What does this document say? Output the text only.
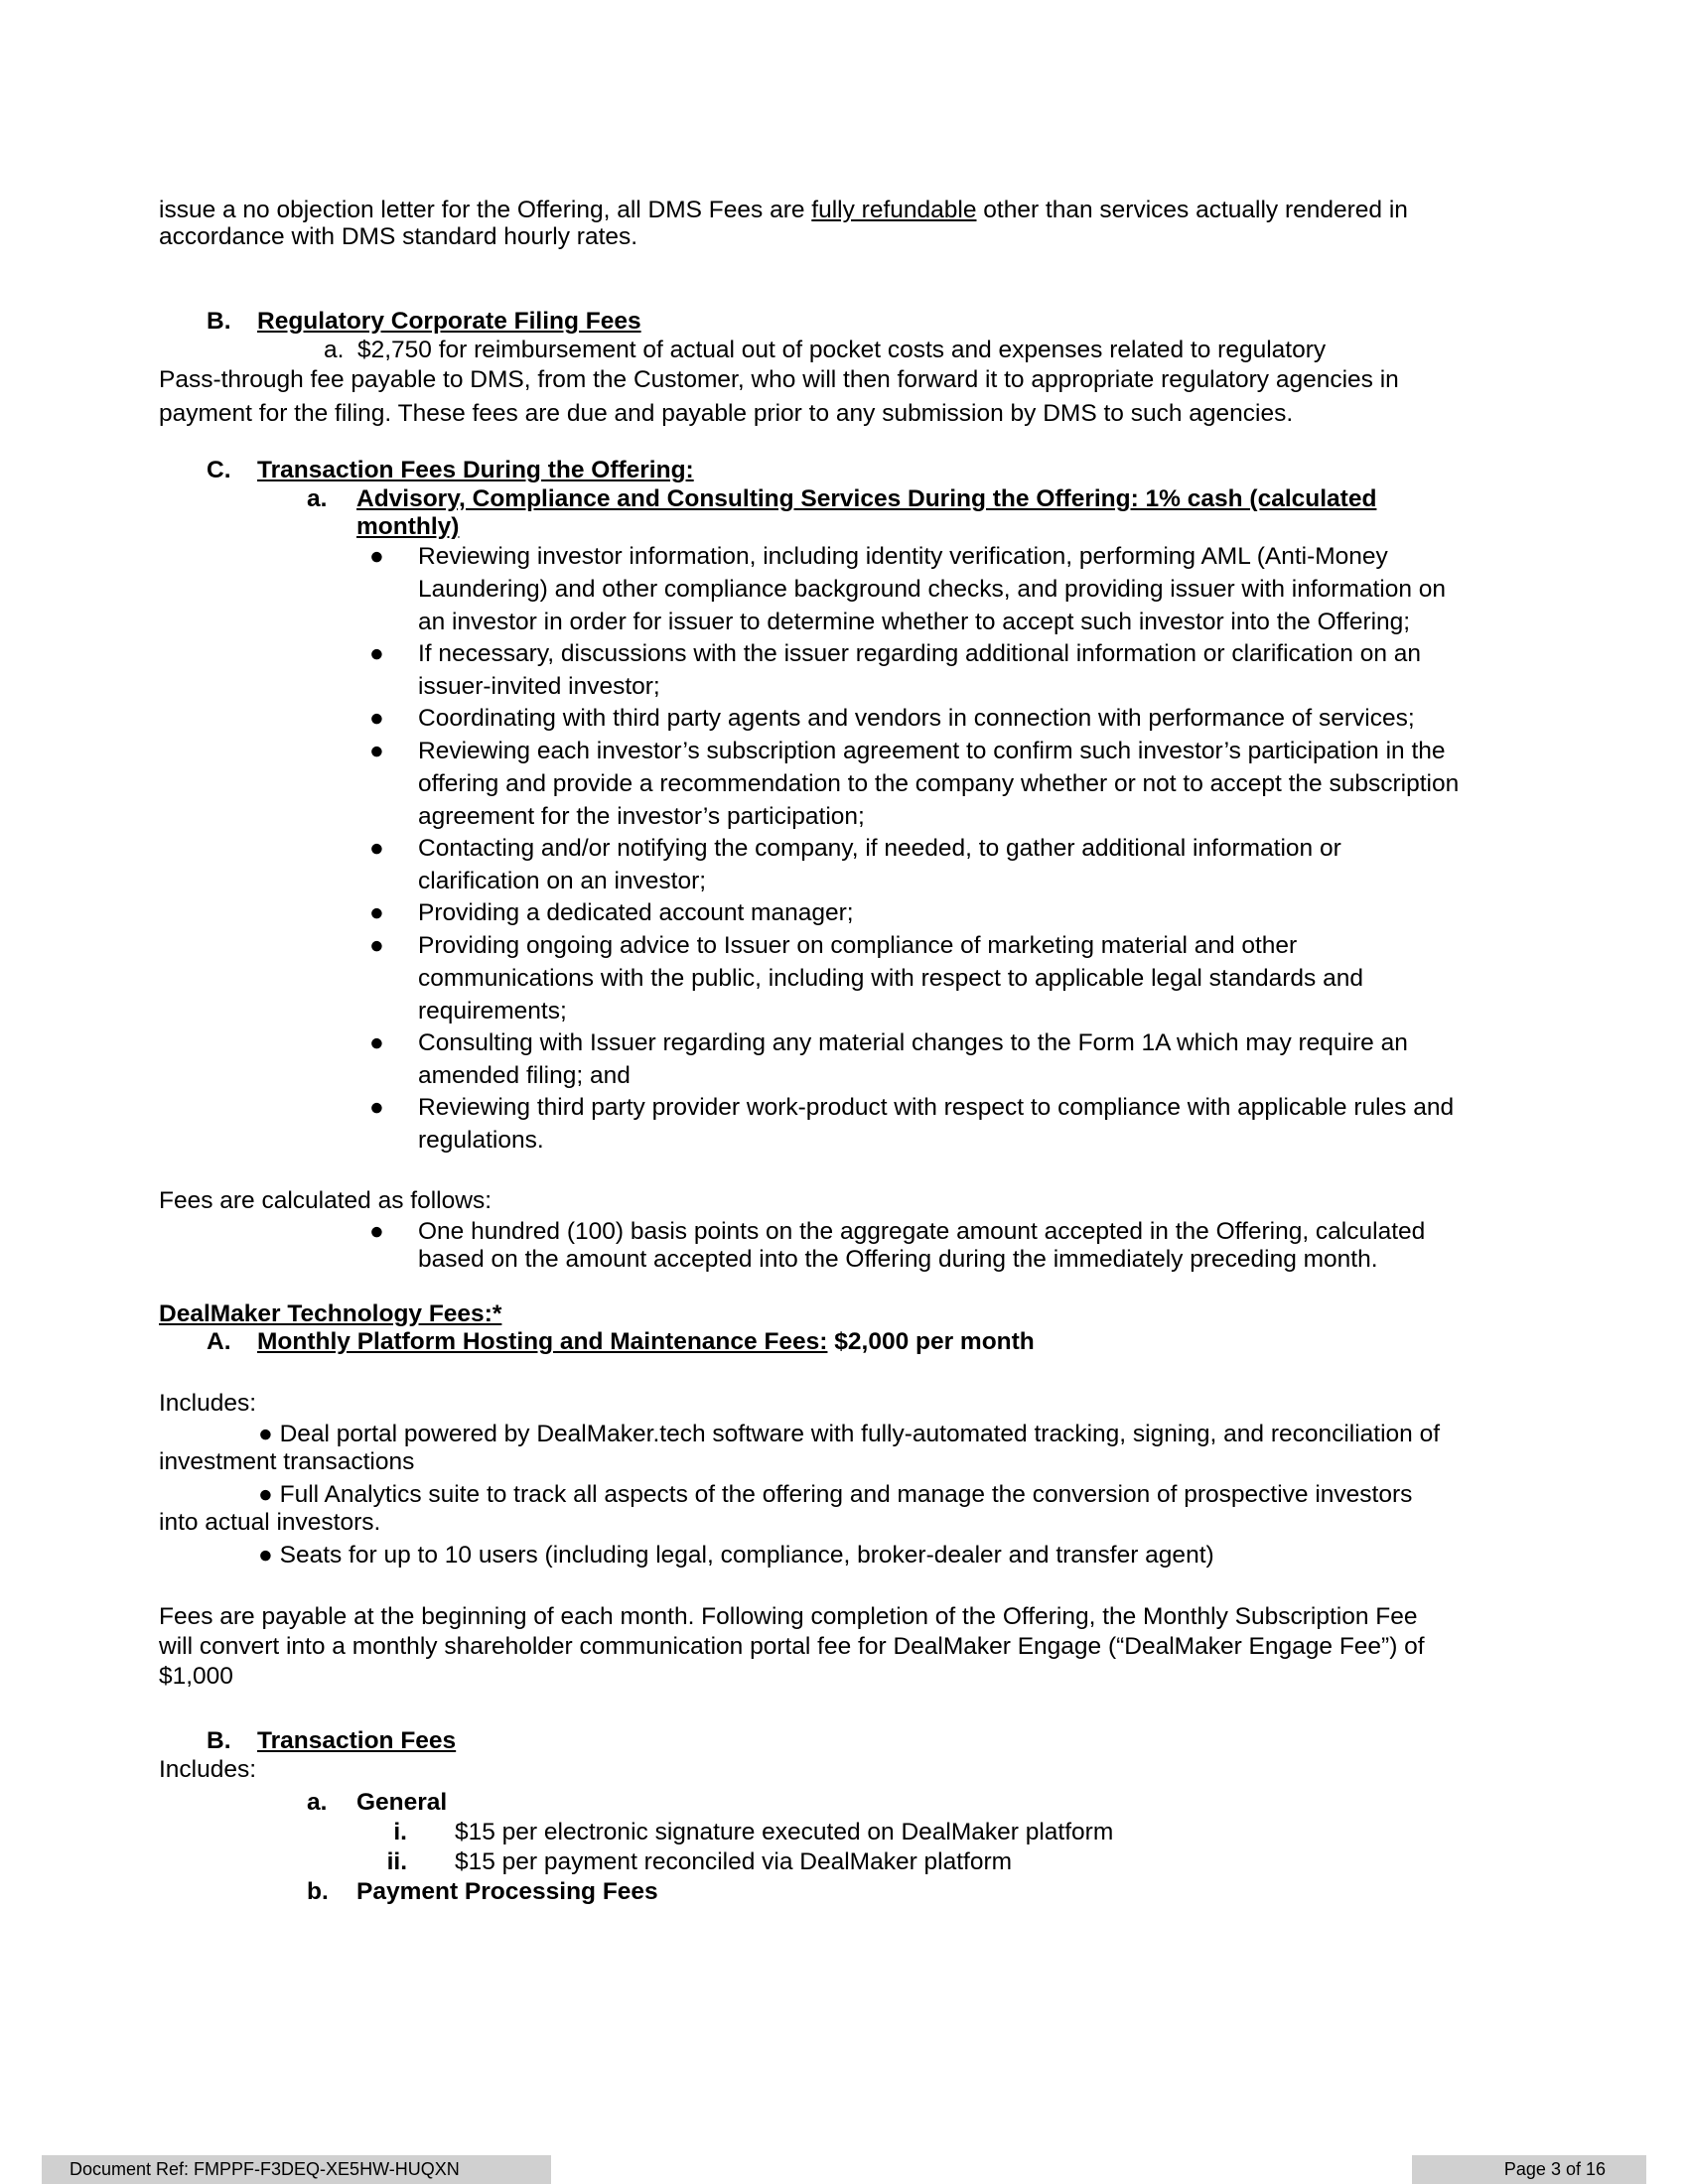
issue a no objection letter for the Offering, all DMS Fees are fully refundable other than services actually rendered in
accordance with DMS standard hourly rates.
B. Regulatory Corporate Filing Fees
a. $2,750 for reimbursement of actual out of pocket costs and expenses related to regulatory
Pass-through fee payable to DMS, from the Customer, who will then forward it to appropriate regulatory agencies in
payment for the filing. These fees are due and payable prior to any submission by DMS to such agencies.
C. Transaction Fees During the Offering:
a. Advisory, Compliance and Consulting Services During the Offering: 1% cash (calculated
monthly)
●	Reviewing investor information, including identity verification, performing AML (Anti-Money
Laundering) and other compliance background checks, and providing issuer with information on
an investor in order for issuer to determine whether to accept such investor into the Offering;
●	If necessary, discussions with the issuer regarding additional information or clarification on an
issuer-invited investor;
●	Coordinating with third party agents and vendors in connection with performance of services;
●	Reviewing each investor’s subscription agreement to confirm such investor’s participation in the
offering and provide a recommendation to the company whether or not to accept the subscription
agreement for the investor’s participation;
●	Contacting and/or notifying the company, if needed, to gather additional information or
clarification on an investor;
●	Providing a dedicated account manager;
●	Providing ongoing advice to Issuer on compliance of marketing material and other
communications with the public, including with respect to applicable legal standards and
requirements;
●	Consulting with Issuer regarding any material changes to the Form 1A which may require an
amended filing; and
●	Reviewing third party provider work-product with respect to compliance with applicable rules and
regulations.
Fees are calculated as follows:
●	One hundred (100) basis points on the aggregate amount accepted in the Offering, calculated
based on the amount accepted into the Offering during the immediately preceding month.
DealMaker Technology Fees:*
A. Monthly Platform Hosting and Maintenance Fees: $2,000 per month
Includes:
● Deal portal powered by DealMaker.tech software with fully-automated tracking, signing, and reconciliation of
investment transactions
● Full Analytics suite to track all aspects of the offering and manage the conversion of prospective investors
into actual investors.
● Seats for up to 10 users (including legal, compliance, broker-dealer and transfer agent)
Fees are payable at the beginning of each month. Following completion of the Offering, the Monthly Subscription Fee
will convert into a monthly shareholder communication portal fee for DealMaker Engage (“DealMaker Engage Fee”) of
$1,000
B. Transaction Fees
Includes:
a. General
i. $15 per electronic signature executed on DealMaker platform
ii. $15 per payment reconciled via DealMaker platform
b. Payment Processing Fees
Document Ref: FMPPF-F3DEQ-XE5HW-HUQXN	Page 3 of 16
